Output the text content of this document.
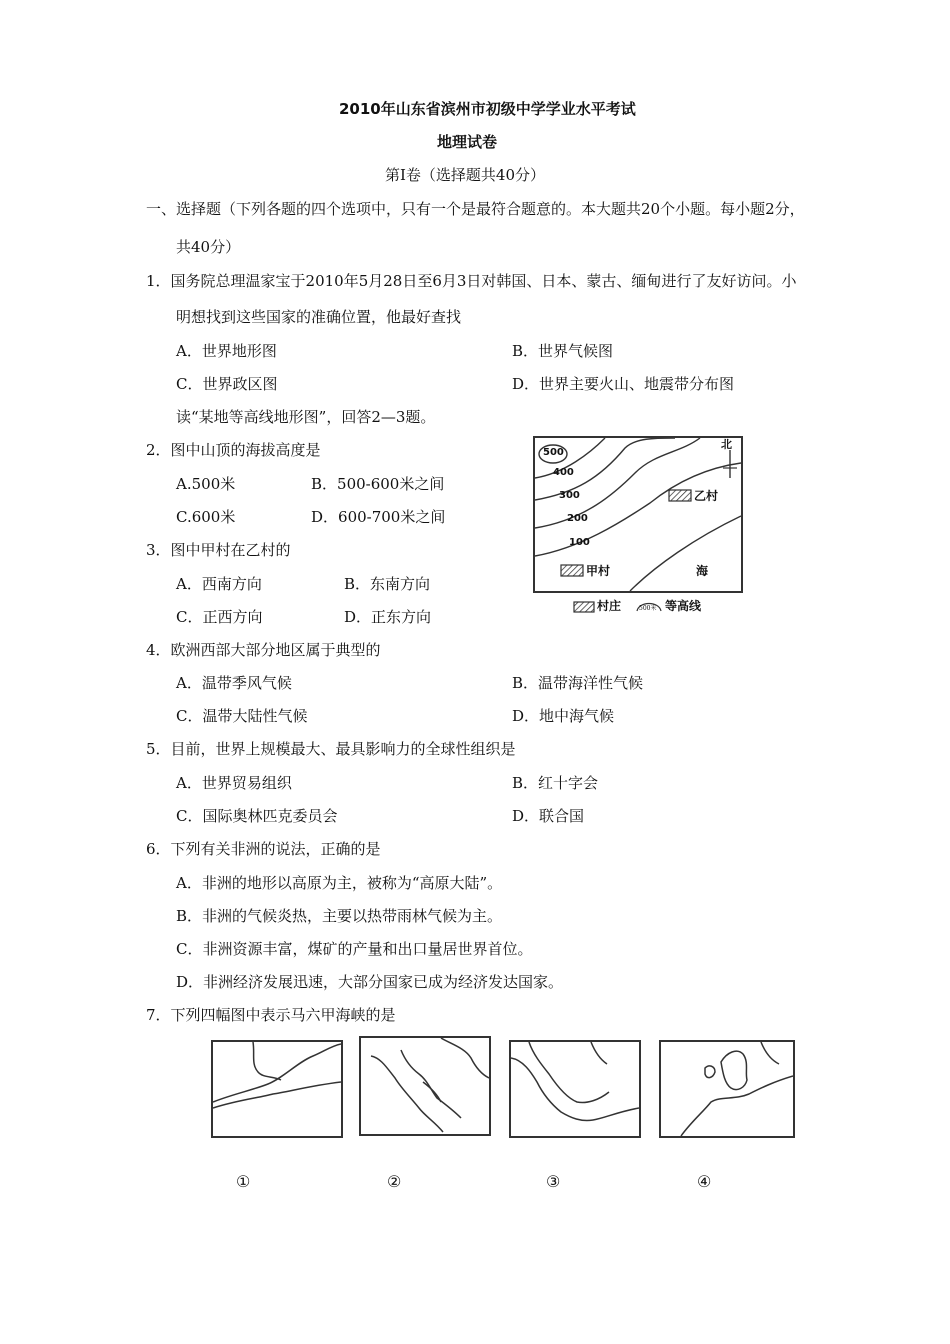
2010年山东省滨州市初级中学学业水平考试
地理试卷
第Ⅰ卷（选择题共40分）
一、选择题（下列各题的四个选项中，只有一个是最符合题意的。本大题共20个小题。每小题2分，
共40分）
1．国务院总理温家宝于2010年5月28日至6月3日对韩国、日本、蒙古、缅甸进行了友好访问。小
明想找到这些国家的准确位置，他最好查找
A．世界地形图	B．世界气候图
C．世界政区图	D．世界主要火山、地震带分布图
读“某地等高线地形图”，回答2—3题。
2．图中山顶的海拔高度是
A.500米	B．500-600米之间
C.600米	D．600-700米之间
3．图中甲村在乙村的
A．西南方向	B．东南方向
C．正西方向	D．正东方向
北
500
400
300
200
100
乙村
甲村	海
村庄	500米 等高线
4．欧洲西部大部分地区属于典型的
A．温带季风气候	B．温带海洋性气候
C．温带大陆性气候	D．地中海气候
5．目前，世界上规模最大、最具影响力的全球性组织是
A．世界贸易组织	B．红十字会
C．国际奥林匹克委员会	D．联合国
6．下列有关非洲的说法，正确的是
A．非洲的地形以高原为主，被称为“高原大陆”。
B．非洲的气候炎热，主要以热带雨林气候为主。
C．非洲资源丰富，煤矿的产量和出口量居世界首位。
D．非洲经济发展迅速，大部分国家已成为经济发达国家。
7．下列四幅图中表示马六甲海峡的是
①	②	③	④
